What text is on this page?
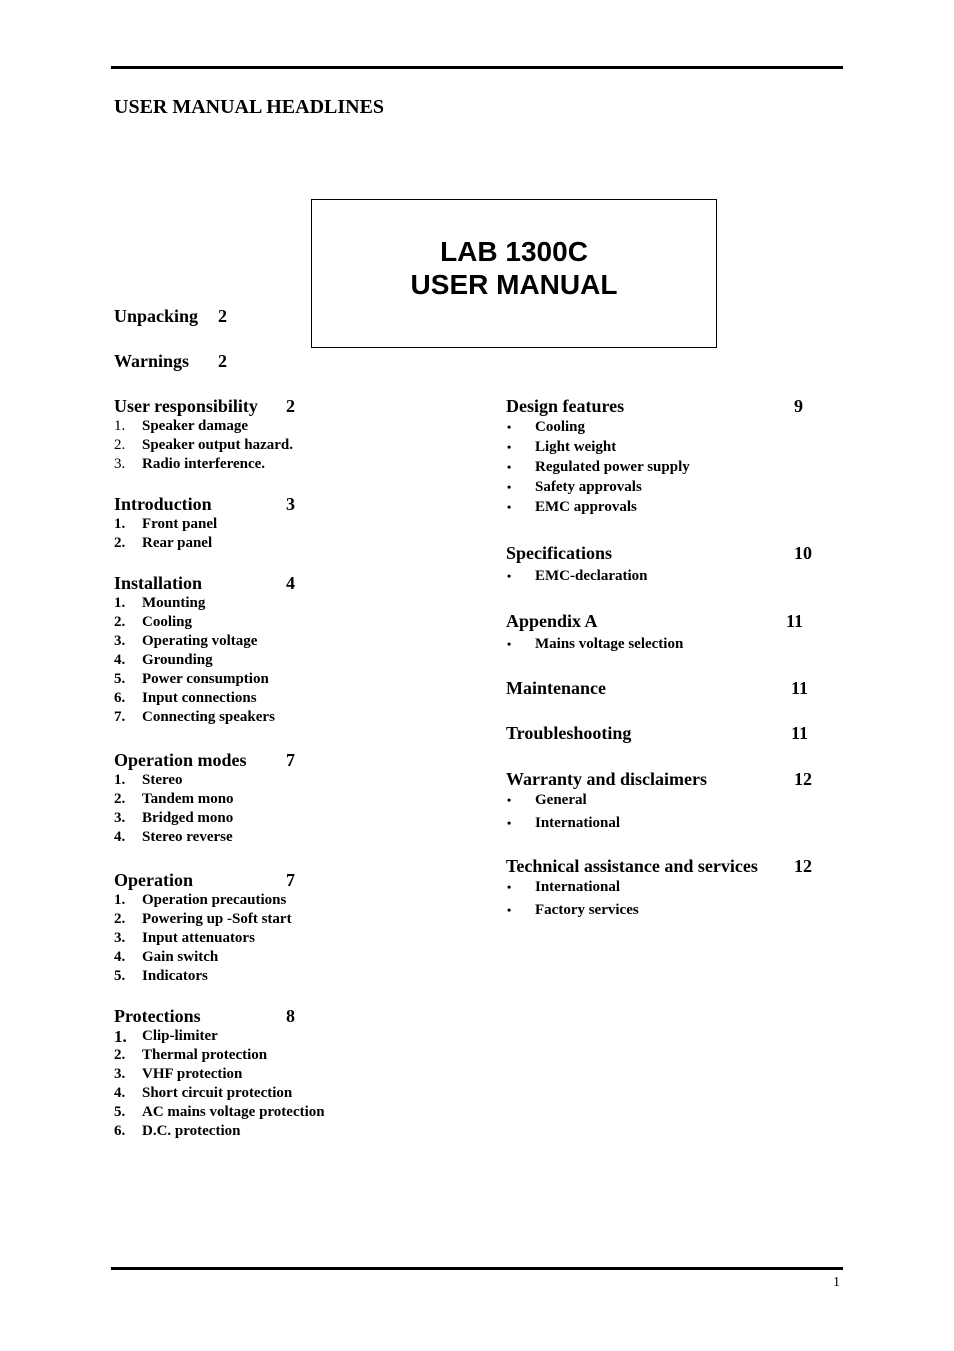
USER MANUAL HEADLINES
LAB 1300C
USER MANUAL
Unpacking 2
Warnings 2
User responsibility 2
1. Speaker damage
2. Speaker output hazard.
3. Radio interference.
Introduction	3
1. Front panel
2. Rear panel
Installation	4
1. Mounting
2. Cooling
3. Operating voltage
4. Grounding
5. Power consumption
6. Input connections
7. Connecting speakers
Operation modes 7
1. Stereo
2. Tandem mono
3. Bridged mono
4. Stereo reverse
Operation	7
1. Operation precautions
2. Powering up -Soft start
3. Input attenuators
4. Gain switch
5. Indicators
Protections	8
1. Clip-limiter
2. Thermal protection
3. VHF protection
4. Short circuit protection
5. AC mains voltage protection
6. D.C. protection
Design features	9
• Cooling
• Light weight
• Regulated power supply
• Safety approvals
• EMC approvals
Specifications	10
• EMC-declaration
Appendix A	11
• Mains voltage selection
Maintenance	11
Troubleshooting	11
Warranty and disclaimers	12
• General
• International
Technical assistance and services 12
• International
• Factory services
1
